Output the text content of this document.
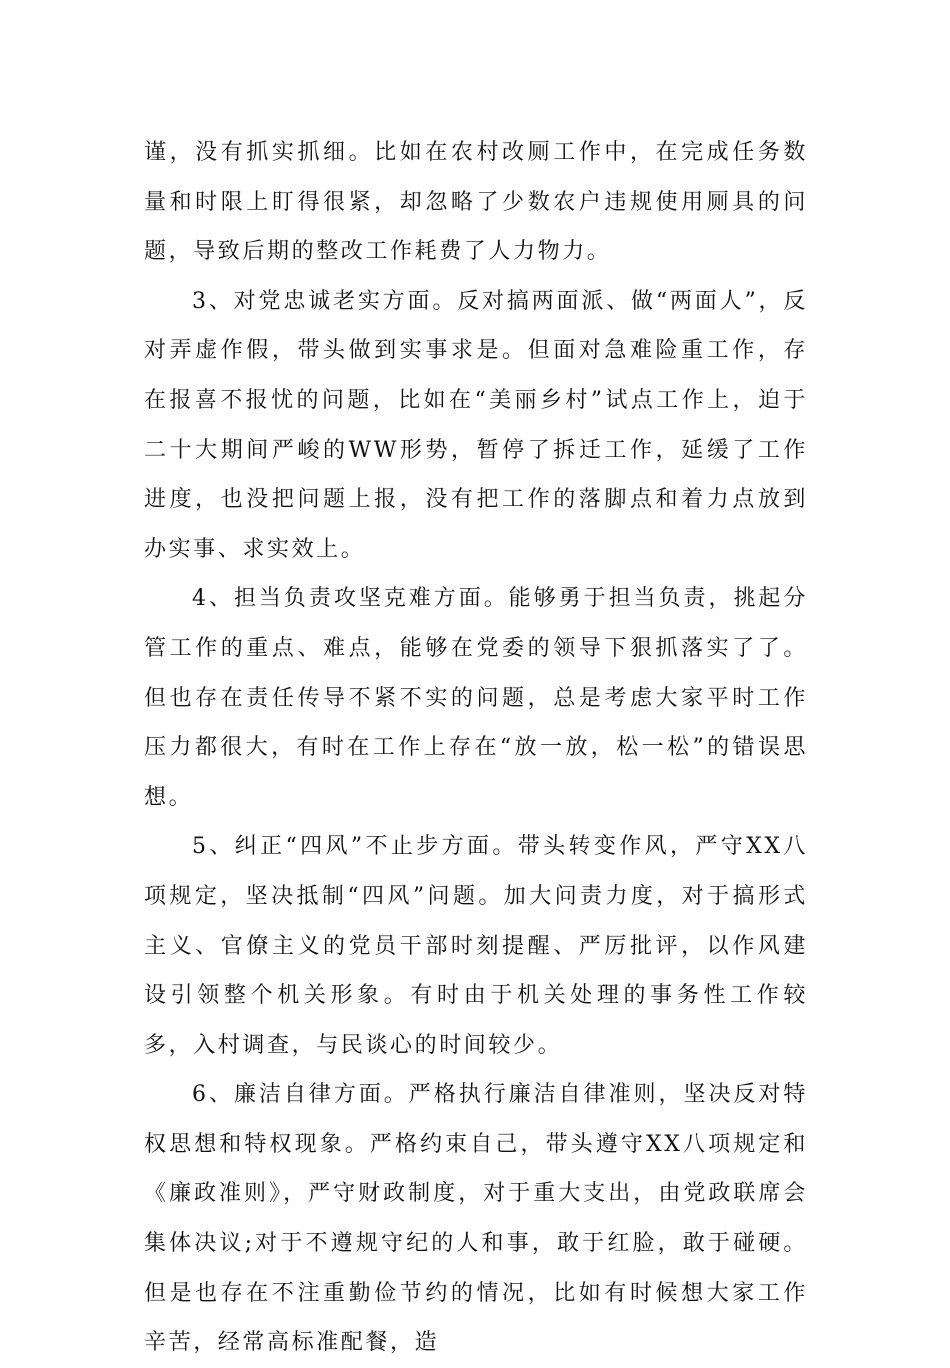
谨，没有抓实抓细。比如在农村改厕工作中，在完成任务数量和时限上盯得很紧，却忽略了少数农户违规使用厕具的问题，导致后期的整改工作耗费了人力物力。

3、对党忠诚老实方面。反对搞两面派、做“两面人”，反对弄虚作假，带头做到实事求是。但面对急难险重工作，存在报喜不报忧的问题，比如在“美丽乡村”试点工作上，迫于二十大期间严峻的WW形势，暂停了拆迁工作，延缓了工作进度，也没把问题上报，没有把工作的落脚点和着力点放到办实事、求实效上。

4、担当负责攻坚克难方面。能够勇于担当负责，挑起分管工作的重点、难点，能够在党委的领导下狠抓落实了了。但也存在责任传导不紧不实的问题，总是考虑大家平时工作压力都很大，有时在工作上存在“放一放，松一松”的错误思想。

5、纠正“四风”不止步方面。带头转变作风，严守XX八项规定，坚决抵制“四风”问题。加大问责力度，对于搞形式主义、官僚主义的党员干部时刻提醒、严厉批评，以作风建设引领整个机关形象。有时由于机关处理的事务性工作较多，入村调查，与民谈心的时间较少。

6、廉洁自律方面。严格执行廉洁自律准则，坚决反对特权思想和特权现象。严格约束自己，带头遵守XX八项规定和《廉政准则》，严守财政制度，对于重大支出，由党政联席会集体决议;对于不遵规守纪的人和事，敢于红脸，敢于碰硬。但是也存在不注重勤俭节约的情况，比如有时候想大家工作辛苦，经常高标准配餐，造
